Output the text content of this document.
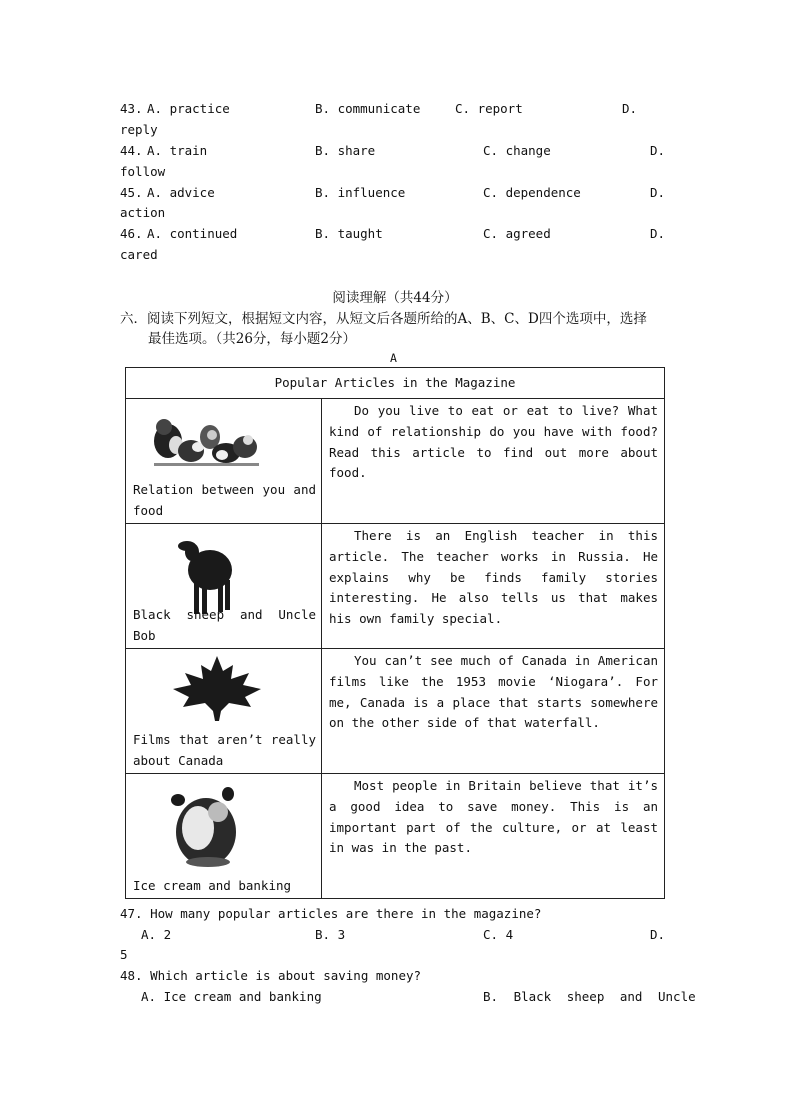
43. A. practice	B. communicate	C. report	D.
reply
44. A. train	B. share	C. change	D.
follow
45. A. advice	B. influence	C. dependence	D.
action
46. A. continued	B. taught	C. agreed	D.
cared
阅读理解（共44分）
六．阅读下列短文，根据短文内容，从短文后各题所给的A、B、C、D四个选项中，选择
最佳选项。（共26分，每小题2分）
A
Popular Articles in the Magazine	

Relation between you and food	Do you live to eat or eat to live? What kind of relationship do you have with food? Read this article to find out more about food.

Black sheep and Uncle Bob	There is an English teacher in this article. The teacher works in Russia. He explains why be finds family stories interesting. He also tells us that makes his own family special.

Films that aren’t really about Canada	You can’t see much of Canada in American films like the 1953 movie ‘Niogara’. For me, Canada is a place that starts somewhere on the other side of that waterfall.

Ice cream and banking	Most people in Britain believe that it’s a good idea to save money. This is an important part of the culture, or at least in was in the past.
47. How many popular articles are there in the magazine?
A. 2	B. 3	C. 4	D.
5
48. Which article is about saving money?
A. Ice cream and banking	B. Black sheep and Uncle
